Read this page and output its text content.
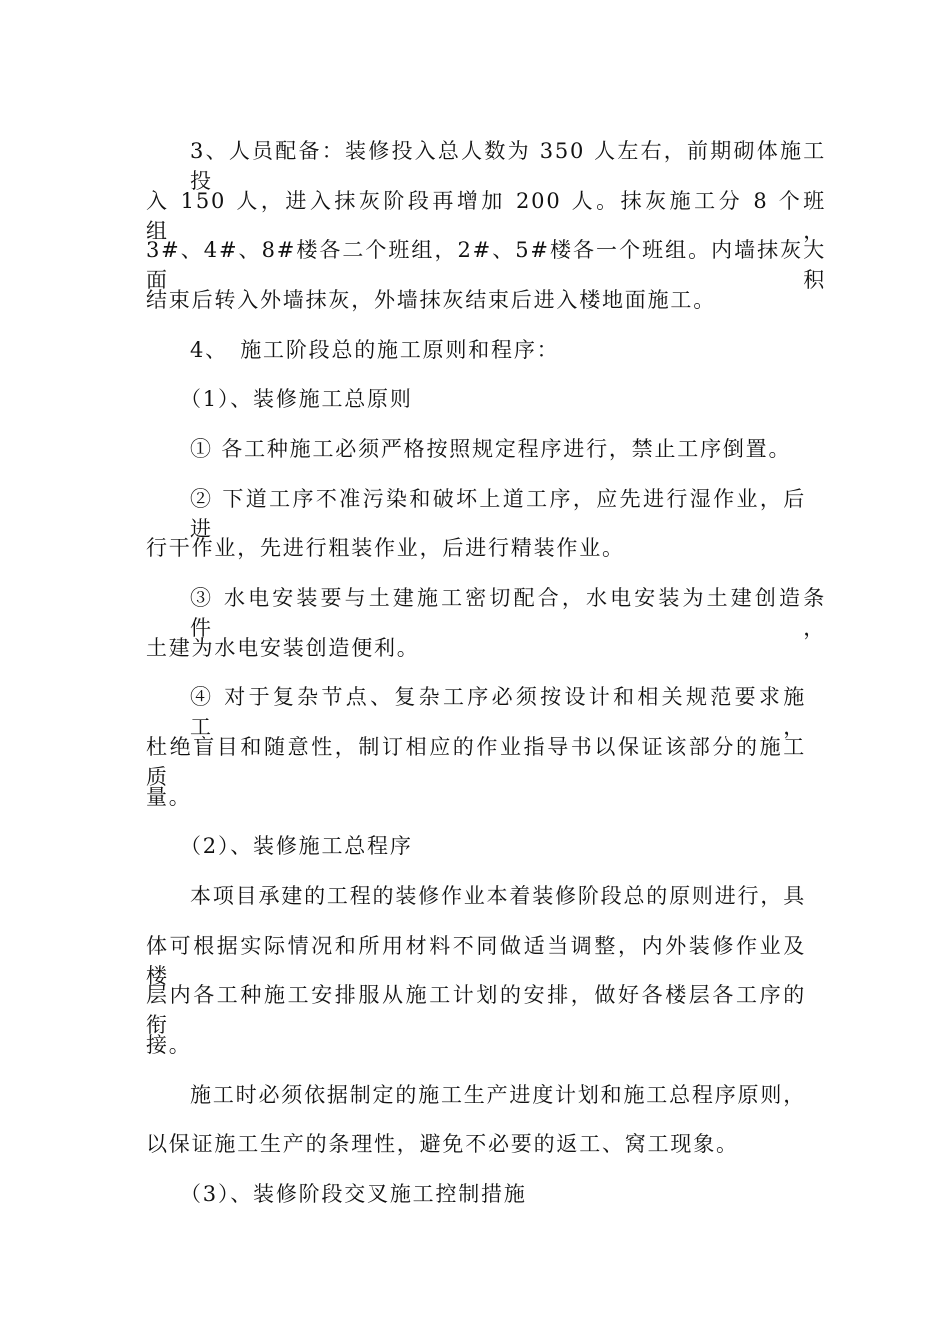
3、人员配备：装修投入总人数为 350 人左右，前期砌体施工投
入 150 人，进入抹灰阶段再增加 200 人。抹灰施工分 8 个班组，
3#、4#、8#楼各二个班组，2#、5#楼各一个班组。内墙抹灰大面积
结束后转入外墙抹灰，外墙抹灰结束后进入楼地面施工。
4、　施工阶段总的施工原则和程序：
（1）、装修施工总原则
① 各工种施工必须严格按照规定程序进行，禁止工序倒置。
② 下道工序不准污染和破坏上道工序，应先进行湿作业，后进
行干作业，先进行粗装作业，后进行精装作业。
③ 水电安装要与土建施工密切配合，水电安装为土建创造条件，
土建为水电安装创造便利。
④ 对于复杂节点、复杂工序必须按设计和相关规范要求施工，
杜绝盲目和随意性，制订相应的作业指导书以保证该部分的施工质
量。
（2）、装修施工总程序
本项目承建的工程的装修作业本着装修阶段总的原则进行，具
体可根据实际情况和所用材料不同做适当调整，内外装修作业及楼
层内各工种施工安排服从施工计划的安排，做好各楼层各工序的衔
接。
施工时必须依据制定的施工生产进度计划和施工总程序原则，
以保证施工生产的条理性，避免不必要的返工、窝工现象。
（3）、装修阶段交叉施工控制措施
